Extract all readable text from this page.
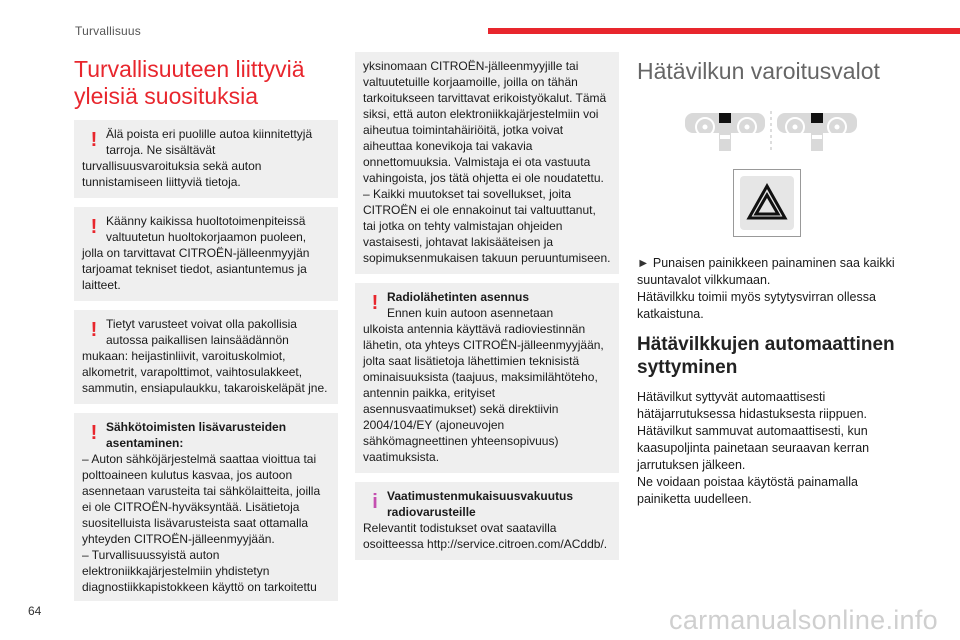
Turvallisuus
Turvallisuuteen liittyviä yleisiä suosituksia
! Älä poista eri puolille autoa kiinnitettyjä tarroja. Ne sisältävät
turvallisuusvaroituksia sekä auton tunnistamiseen liittyviä tietoja.
! Käänny kaikissa huoltotoimenpiteissä valtuutetun huoltokorjaamon puoleen,
jolla on tarvittavat CITROËN-jälleenmyyjän tarjoamat tekniset tiedot, asiantuntemus ja laitteet.
! Tietyt varusteet voivat olla pakollisia autossa paikallisen lainsäädännön
mukaan: heijastinliivit, varoituskolmiot, alkometrit, varapolttimot, vaihtosulakkeet, sammutin, ensiapulaukku, takaroiskeläpät jne.
! Sähkötoimisten lisävarusteiden asentaminen:
– Auton sähköjärjestelmä saattaa vioittua tai polttoaineen kulutus kasvaa, jos autoon asennetaan varusteita tai sähkölaitteita, joilla ei ole CITROËN-hyväksyntää. Lisätietoja suositelluista lisävarusteista saat ottamalla yhteyden CITROËN-jälleenmyyjään.
– Turvallisuussyistä auton elektroniikkajärjestelmiin yhdistetyn diagnostiikkapistokkeen käyttö on tarkoitettu
yksinomaan CITROËN-jälleenmyyjille tai valtuutetuille korjaamoille, joilla on tähän tarkoitukseen tarvittavat erikoistyökalut. Tämä siksi, että auton elektroniikkajärjestelmiin voi aiheutua toimintahäiriöitä, jotka voivat aiheuttaa konevikoja tai vakavia onnettomuuksia. Valmistaja ei ota vastuuta vahingoista, jos tätä ohjetta ei ole noudatettu.
– Kaikki muutokset tai sovellukset, joita CITROËN ei ole ennakoinut tai valtuuttanut, tai jotka on tehty valmistajan ohjeiden vastaisesti, johtavat lakisääteisen ja sopimuksenmukaisen takuun peruuntumiseen.
! Radiolähetinten asennus
Ennen kuin autoon asennetaan
ulkoista antennia käyttävä radioviestinnän lähetin, ota yhteys CITROËN-jälleenmyyjään, jolta saat lisätietoja lähettimien teknisistä ominaisuuksista (taajuus, maksimilähtöteho, antennin paikka, erityiset asennusvaatimukset) sekä direktiivin 2004/104/EY (ajoneuvojen sähkömagneettinen yhteensopivuus) vaatimuksista.
i Vaatimustenmukaisuusvakuutus radiovarusteille
Relevantit todistukset ovat saatavilla osoitteessa http://service.citroen.com/ACddb/.
Hätävilkun varoitusvalot

► Punaisen painikkeen painaminen saa kaikki suuntavalot vilkkumaan.
Hätävilkku toimii myös sytytysvirran ollessa katkaistuna.

Hätävilkkujen automaattinen syttyminen

Hätävilkut syttyvät automaattisesti hätäjarrutuksessa hidastuksesta riippuen.
Hätävilkut sammuvat automaattisesti, kun kaasupoljinta painetaan seuraavan kerran jarrutuksen jälkeen.
Ne voidaan poistaa käytöstä painamalla painiketta uudelleen.

64	carmanualsonline.info
